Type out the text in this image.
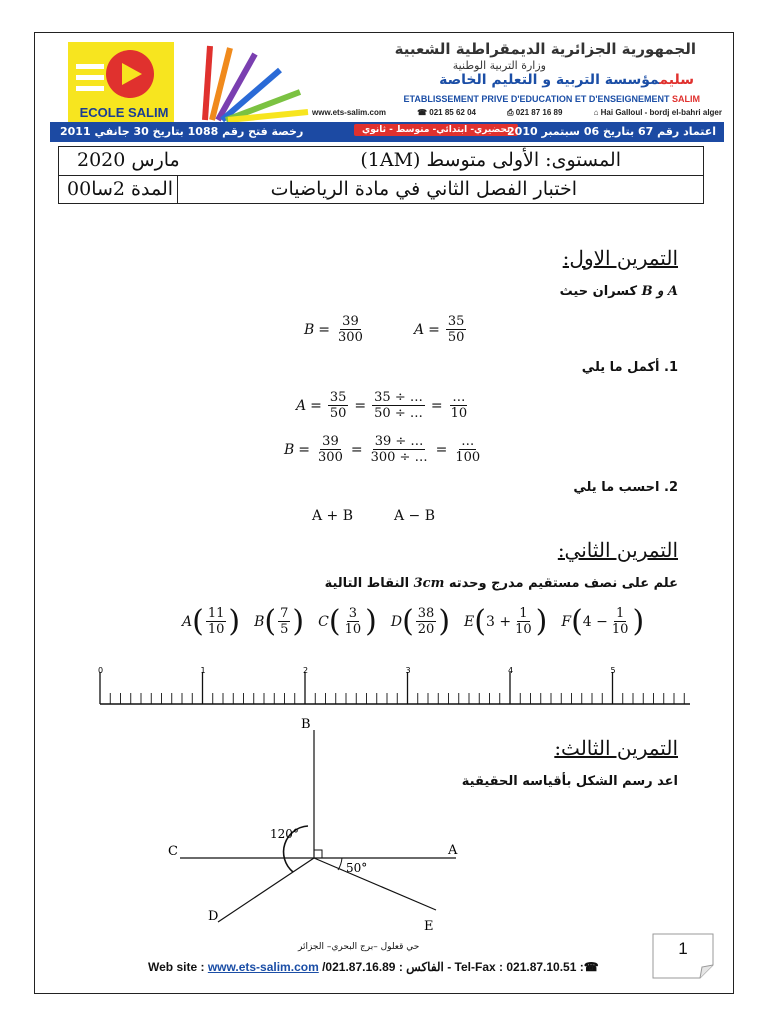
ECOLE SALIM
الجمهورية الجزائرية الديمقراطية الشعبية
وزارة التربية الوطنية
سليممؤسسة التربية و التعليم الخاصة
ETABLISSEMENT PRIVE D'EDUCATION ET D'ENSEIGNEMENT SALIM
www.ets-salim.com	☎ 021 85 62 04	⎙ 021 87 16 89	⌂ Hai Galloul - bordj el-bahri alger
رخصة فتح رقم 1088 بتاريخ 30 جانفي 2011	تحضيري- ابتدائي- متوسط - ثانوي
اعتماد رقم 67 بتاريخ 06 سبتمبر 2010
المستوى: الأولى متوسط (1AM)
مارس 2020
اختبار الفصل الثاني في مادة الرياضيات
المدة 2سا00
التمرين الاول:
A و B كسران حيث
$B = \frac{39}{300}$	$A = \frac{35}{50}$
1. أكمل ما يلي
$A = \frac{35}{50} = \frac{35 \div \dots}{50 \div \dots} = \frac{\dots}{10}$
$B = \frac{39}{300} = \frac{39 \div \dots}{300 \div \dots} = \frac{\dots}{100}$
2. احسب ما يلي
A + B	A − B
التمرين الثاني:
علم على نصف مستقيم مدرج وحدته 3cm النقاط التالية
A ( $\frac{11}{10}$ ) B ( $\frac{7}{5}$ ) C ( $\frac{3}{10}$ ) D ( $\frac{38}{20}$ ) E ( $3 + \frac{1}{10}$ ) F ( $4 - \frac{1}{10}$ )
0	1	2	3	4	5
التمرين الثالث:
اعد رسم الشكل بأقياسه الحقيقية
B
C	A
D
E
120°
50°
حي قعلول –برج البحري– الجزائر
Web site : www.ets-salim.com /021.87.16.89 : الفاكس - Tel-Fax : 021.87.10.51 :☎
1
